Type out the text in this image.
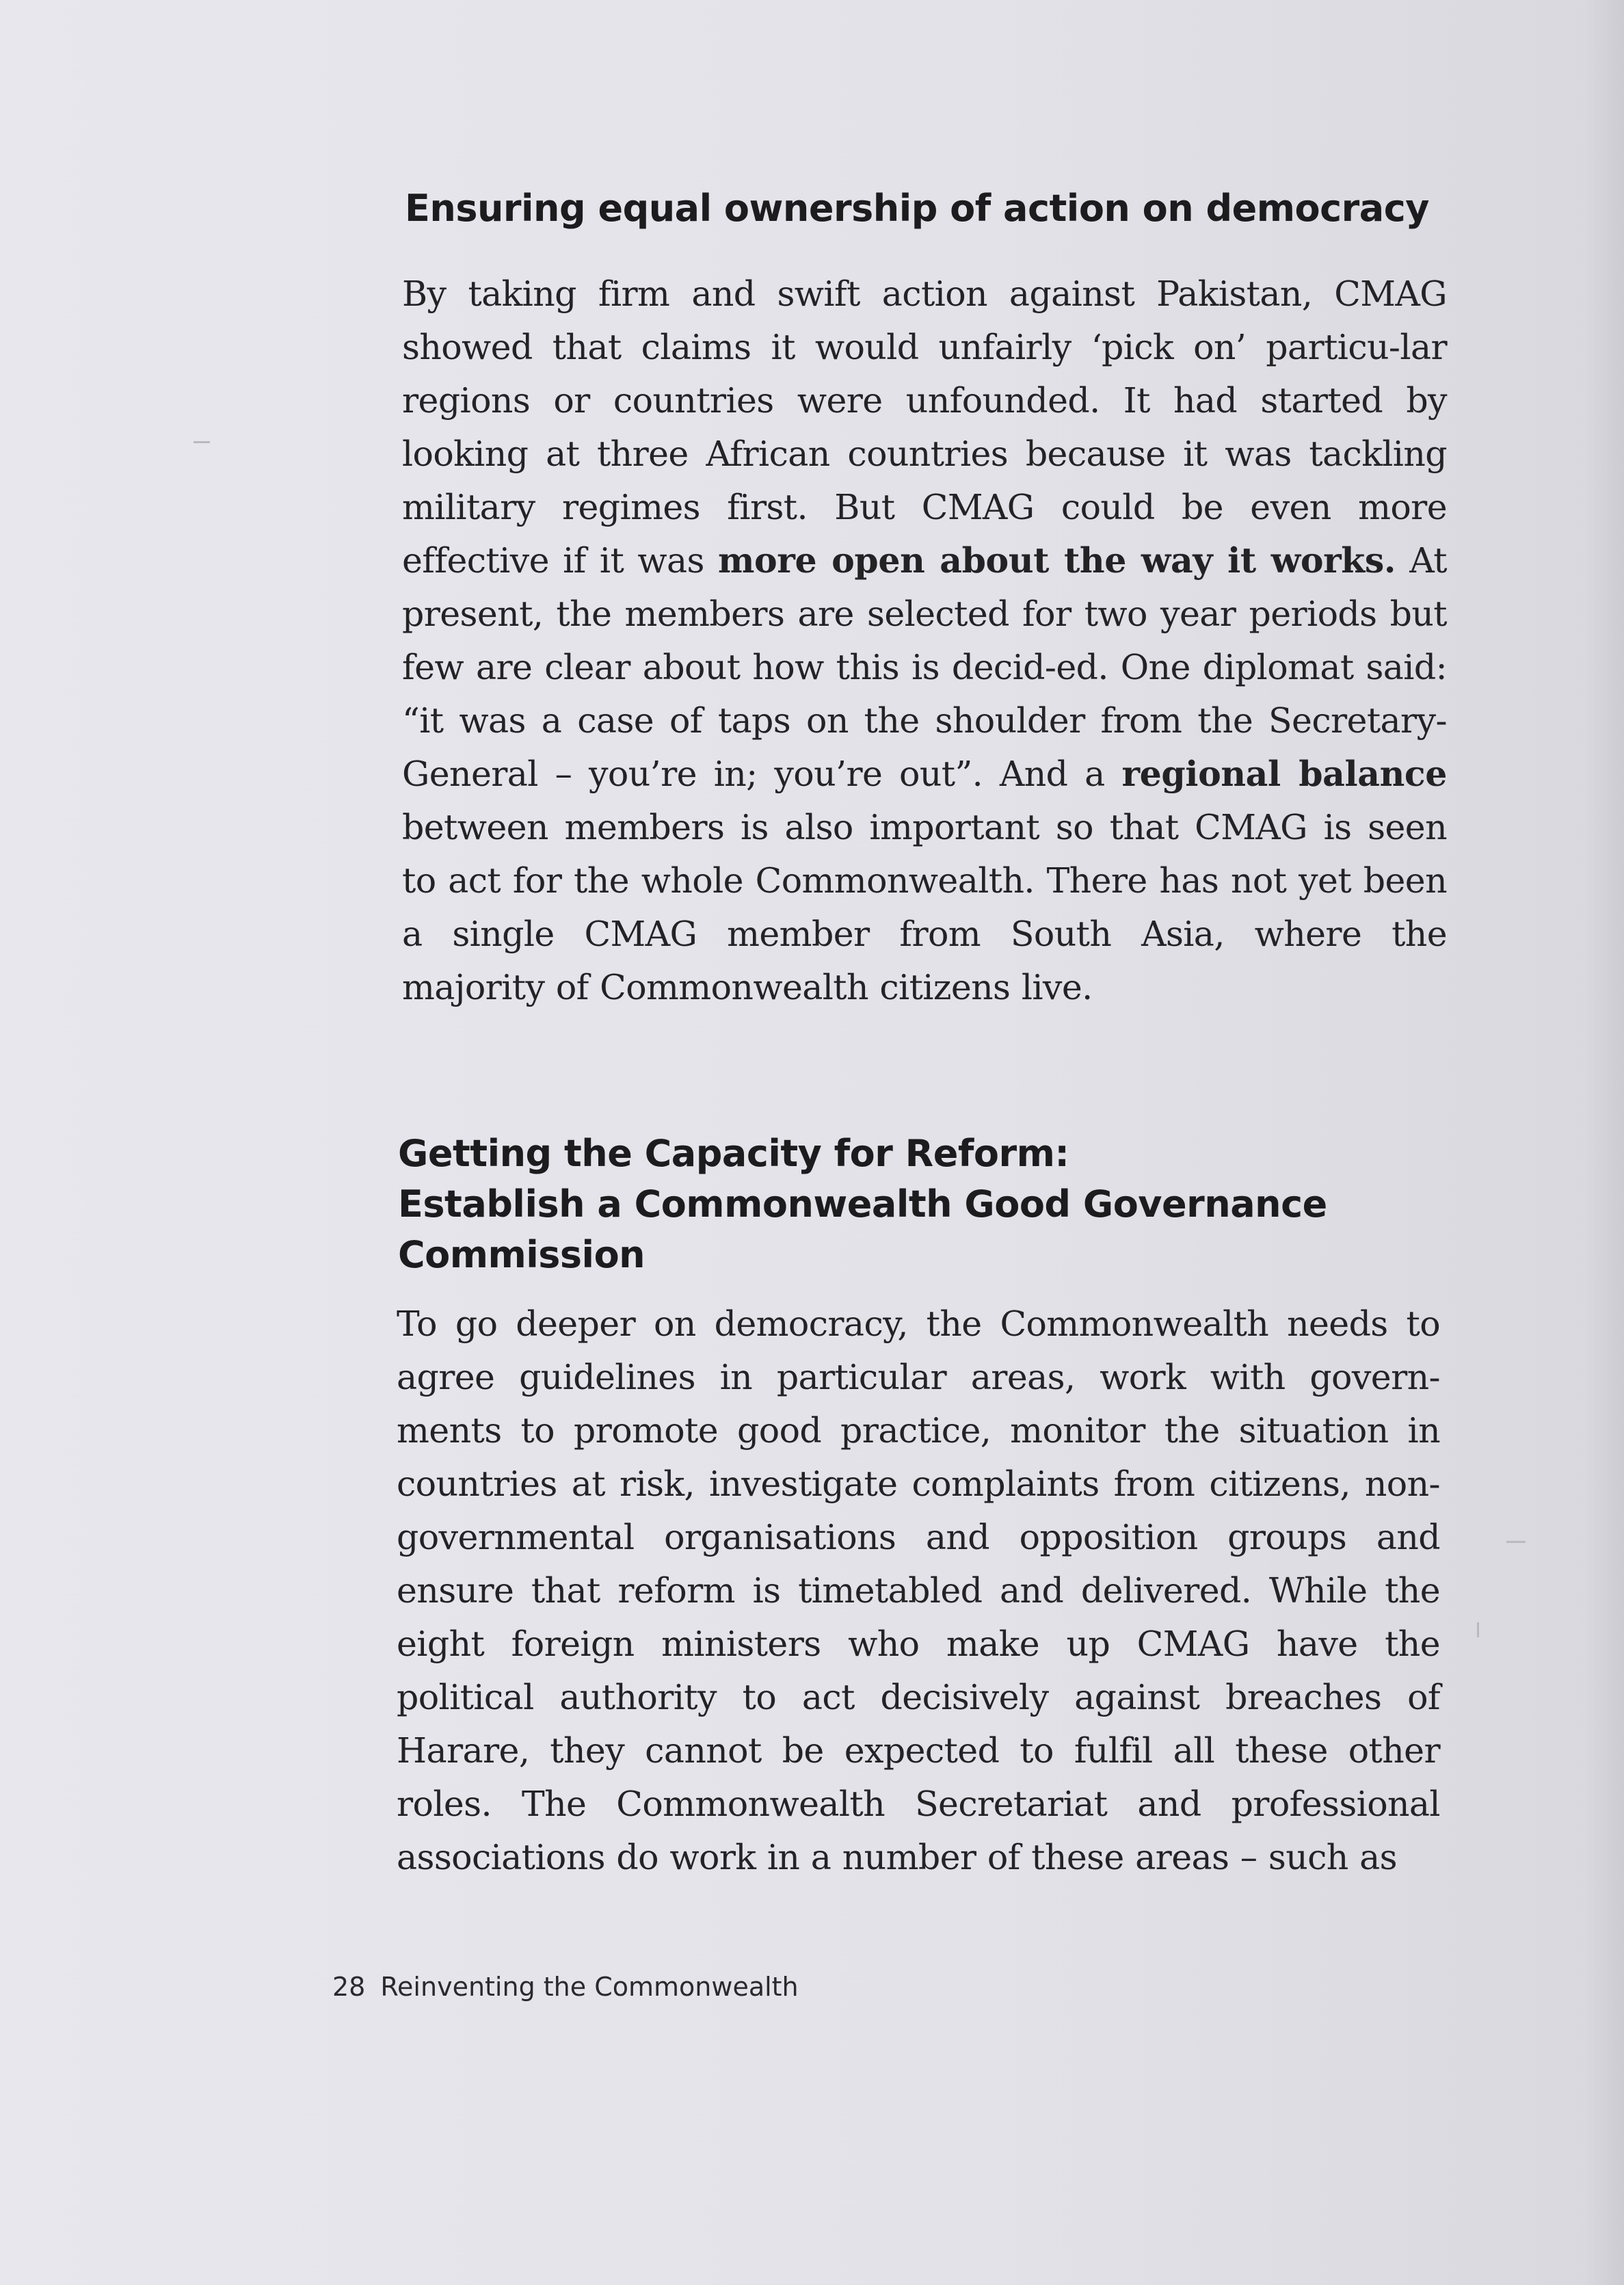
Ensuring equal ownership of action on democracy

By taking firm and swift action against Pakistan, CMAG showed that claims it would unfairly ‘pick on’ particu-lar regions or countries were unfounded. It had started by looking at three African countries because it was tackling military regimes first. But CMAG could be even more effective if it was more open about the way it works. At present, the members are selected for two year periods but few are clear about how this is decid-ed. One diplomat said: “it was a case of taps on the shoulder from the Secretary-General – you’re in; you’re out”. And a regional balance between members is also important so that CMAG is seen to act for the whole Commonwealth. There has not yet been a single CMAG member from South Asia, where the majority of Commonwealth citizens live.

Getting the Capacity for Reform:
Establish a Commonwealth Good Governance
Commission

To go deeper on democracy, the Commonwealth needs to agree guidelines in particular areas, work with govern-ments to promote good practice, monitor the situation in countries at risk, investigate complaints from citizens, non-governmental organisations and opposition groups and ensure that reform is timetabled and delivered. While the eight foreign ministers who make up CMAG have the political authority to act decisively against breaches of Harare, they cannot be expected to fulfil all these other roles. The Commonwealth Secretariat and professional associations do work in a number of these areas – such as

28 Reinventing the Commonwealth
